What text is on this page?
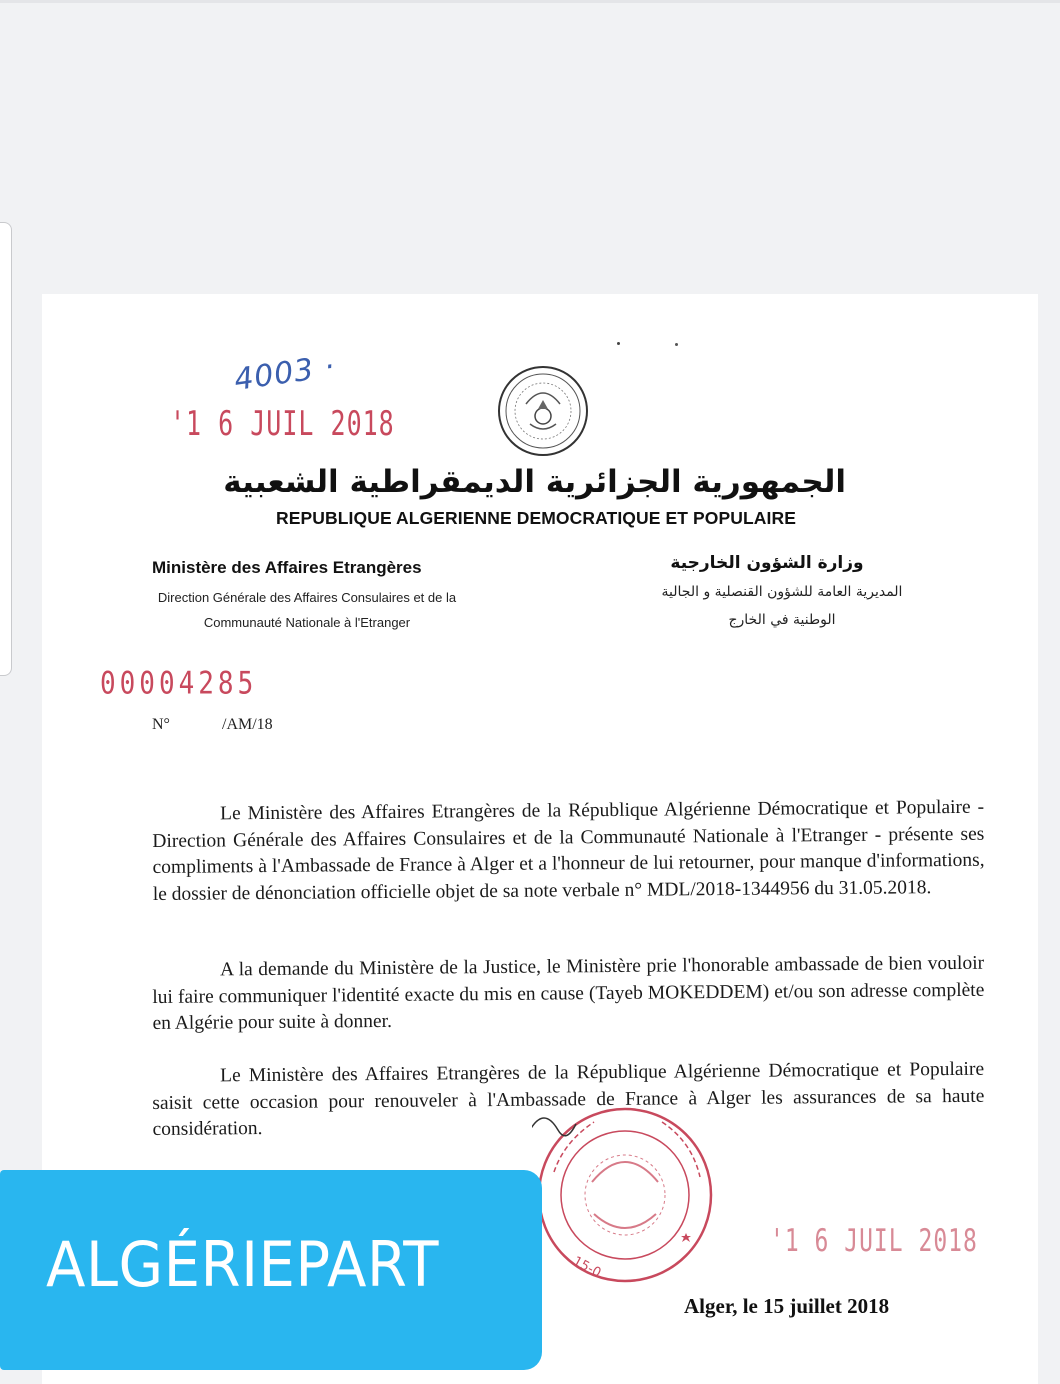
4003 ·
'1 6 JUIL 2018
الجمهورية الجزائرية الديمقراطية الشعبية
REPUBLIQUE ALGERIENNE DEMOCRATIQUE ET POPULAIRE
Ministère des Affaires Etrangères
Direction Générale des Affaires Consulaires et de la
Communauté Nationale à l'Etranger
وزارة الشؤون الخارجية
المديرية العامة للشؤون القنصلية و الجالية
الوطنية في الخارج
00004285
N°	/AM/18
Le Ministère des Affaires Etrangères de la République Algérienne Démocratique et Populaire - Direction Générale des Affaires Consulaires et de la Communauté Nationale à l'Etranger - présente ses compliments à l'Ambassade de France à Alger et a l'honneur de lui retourner, pour manque d'informations, le dossier de dénonciation officielle objet de sa note verbale n° MDL/2018-1344956 du 31.05.2018.
A la demande du Ministère de la Justice, le Ministère prie l'honorable ambassade de bien vouloir lui faire communiquer l'identité exacte du mis en cause (Tayeb MOKEDDEM) et/ou son adresse complète en Algérie pour suite à donner.
Le Ministère des Affaires Etrangères de la République Algérienne Démocratique et Populaire saisit cette occasion pour renouveler à l'Ambassade de France à Alger les assurances de sa haute considération.
15-0
'1 6 JUIL 2018
Alger, le 15 juillet 2018
ALGÉRIEPART
